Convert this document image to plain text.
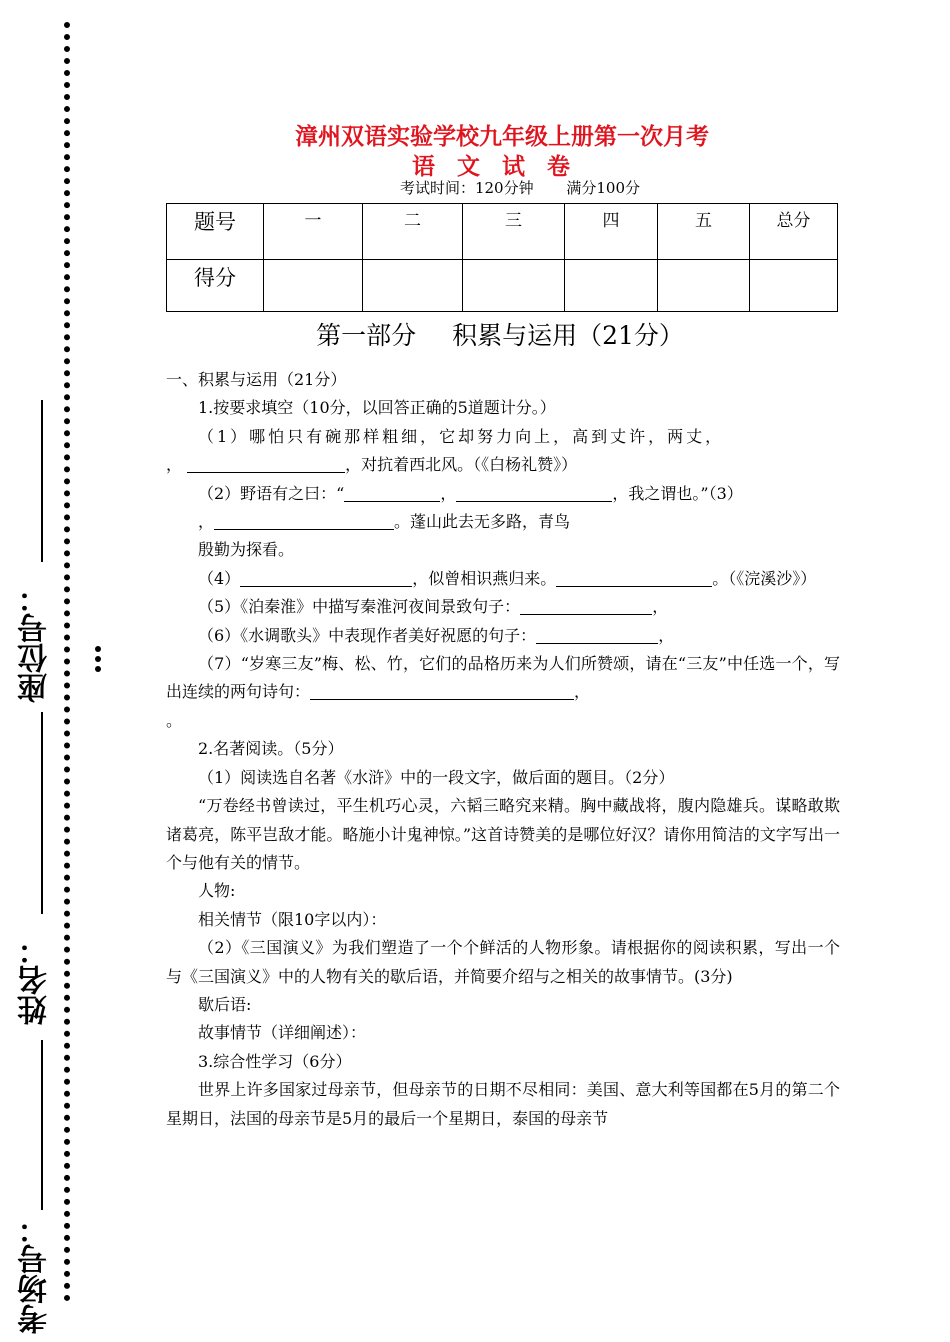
座位号：
姓名：
考场号：
漳州双语实验学校九年级上册第一次月考
语文试卷
考试时间：120分钟 满分100分
题号	一	二	三	四	五	总分
得分						
第一部分 积累与运用（21分）

一、积累与运用（21分）

1.按要求填空（10分，以回答正确的5道题计分。）

（1）哪怕只有碗那样粗细，它却努力向上，高到丈许，两丈，

，	，对抗着西北风。（《白杨礼赞》）

（2）野语有之曰：“	，	，我之谓也。”（3）

，	。蓬山此去无多路，青鸟

殷勤为探看。

（4）	，似曾相识燕归来。	。（《浣溪沙》）

（5）《泊秦淮》中描写秦淮河夜间景致句子：	，

（6）《水调歌头》中表现作者美好祝愿的句子：	，

（7）“岁寒三友”梅、松、竹，它们的品格历来为人们所赞颂，请在“三友”中任选一个，写出连续的两句诗句：	，

。

2.名著阅读。（5分）

（1）阅读选自名著《水浒》中的一段文字，做后面的题目。（2分）

“万卷经书曾读过，平生机巧心灵，六韬三略究来精。胸中藏战将，腹内隐雄兵。谋略敢欺诸葛亮，陈平岂敌才能。略施小计鬼神惊。”这首诗赞美的是哪位好汉？请你用简洁的文字写出一个与他有关的情节。

人物:

相关情节（限10字以内）：

（2）《三国演义》为我们塑造了一个个鲜活的人物形象。请根据你的阅读积累，写出一个与《三国演义》中的人物有关的歇后语，并简要介绍与之相关的故事情节。(3分)

歇后语:

故事情节（详细阐述）：

3.综合性学习（6分）

世界上许多国家过母亲节，但母亲节的日期不尽相同：美国、意大利等国都在5月的第二个星期日，法国的母亲节是5月的最后一个星期日，泰国的母亲节
